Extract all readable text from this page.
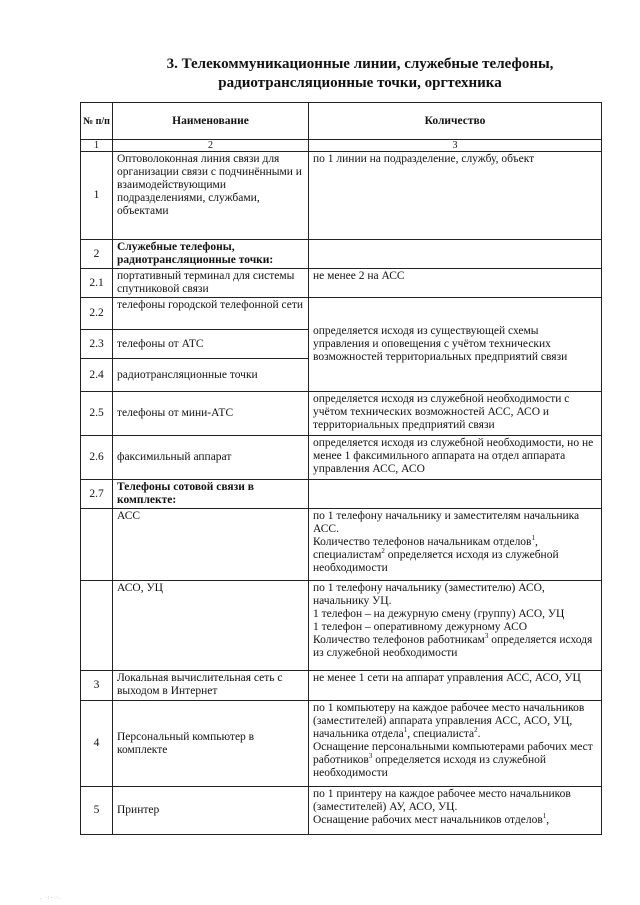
3. Телекоммуникационные линии, служебные телефоны,
радиотрансляционные точки, оргтехника
№ п/п	Наименование	Количество
1	2	3
1	Оптоволоконная линия связи для организации связи с подчинёнными и взаимодействующими подразделениями, службами, объектами	по 1 линии на подразделение, службу, объект
2	Служебные телефоны, радиотрансляционные точки:	
2.1	портативный терминал для системы спутниковой связи	не менее 2 на АСС
2.2	телефоны городской телефонной сети	определяется исходя из существующей схемы управления и оповещения с учётом технических возможностей территориальных предприятий связи
2.3	телефоны от АТС	
2.4	радиотрансляционные точки	
2.5	телефоны от мини-АТС	определяется исходя из служебной необходимости с учётом технических возможностей АСС, АСО и территориальных предприятий связи
2.6	факсимильный аппарат	определяется исходя из служебной необходимости, но не менее 1 факсимильного аппарата на отдел аппарата управления АСС, АСО
2.7	Телефоны сотовой связи в комплекте:	
	АСС	по 1 телефону начальнику и заместителям начальника АСС.
Количество телефонов начальникам отделов$^1$,
специалистам$^2$ определяется исходя из служебной необходимости

	АСО, УЦ	по 1 телефону начальнику (заместителю) АСО, начальнику УЦ.
1 телефон – на дежурную смену (группу) АСО, УЦ
1 телефон – оперативному дежурному АСО
Количество телефонов работникам$^3$ определяется исходя из служебной необходимости

3	Локальная вычислительная сеть с выходом в Интернет	не менее 1 сети на аппарат управления АСС, АСО, УЦ
4	Персональный компьютер в комплекте	по 1 компьютеру на каждое рабочее место начальников (заместителей) аппарата управления АСС, АСО, УЦ, начальника отдела$^1$, специалиста$^2$.
Оснащение персональными компьютерами рабочих мест работников$^3$ определяется исходя из служебной необходимости

5	Принтер	по 1 принтеру на каждое рабочее место начальников (заместителей) АУ, АСО, УЦ.
Оснащение рабочих мест начальников отделов$^1$,
. ·:· ·.
